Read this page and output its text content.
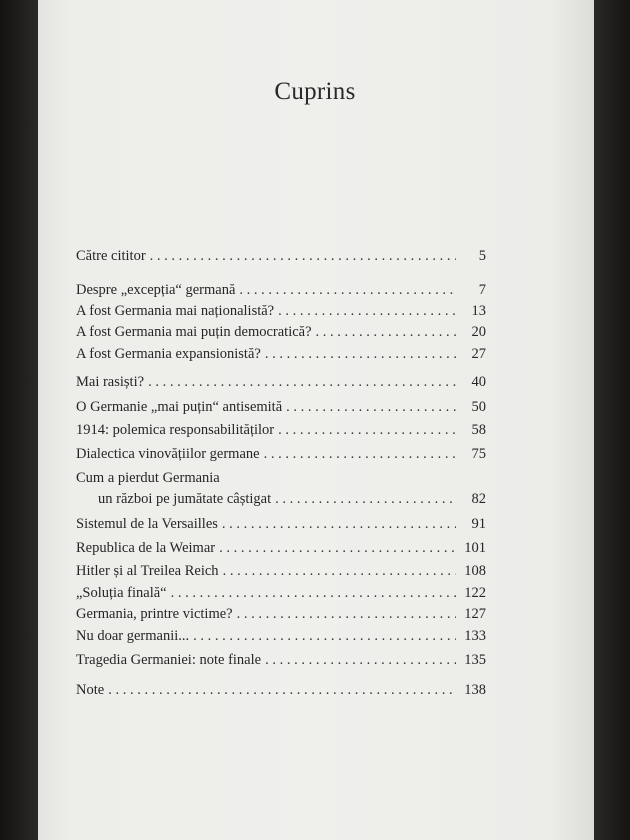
Cuprins
Către cititor . . .	5
Despre „excepția“ germană . . .	7
A fost Germania mai naționalistă? . . .	13
A fost Germania mai puțin democratică? . . .	20
A fost Germania expansionistă? . . .	27
Mai rasiști? . . .	40
O Germanie „mai puțin“ antisemită . . .	50
1914: polemica responsabilităților . . .	58
Dialectica vinovățiilor germane . . .	75
Cum a pierdut Germania
un război pe jumătate câștigat . . .	82
Sistemul de la Versailles . . .	91
Republica de la Weimar . . .	101
Hitler și al Treilea Reich . . .	108
„Soluția finală“ . . .	122
Germania, printre victime? . . .	127
Nu doar germanii... . . .	133
Tragedia Germaniei: note finale . . .	135
Note . . .	138
